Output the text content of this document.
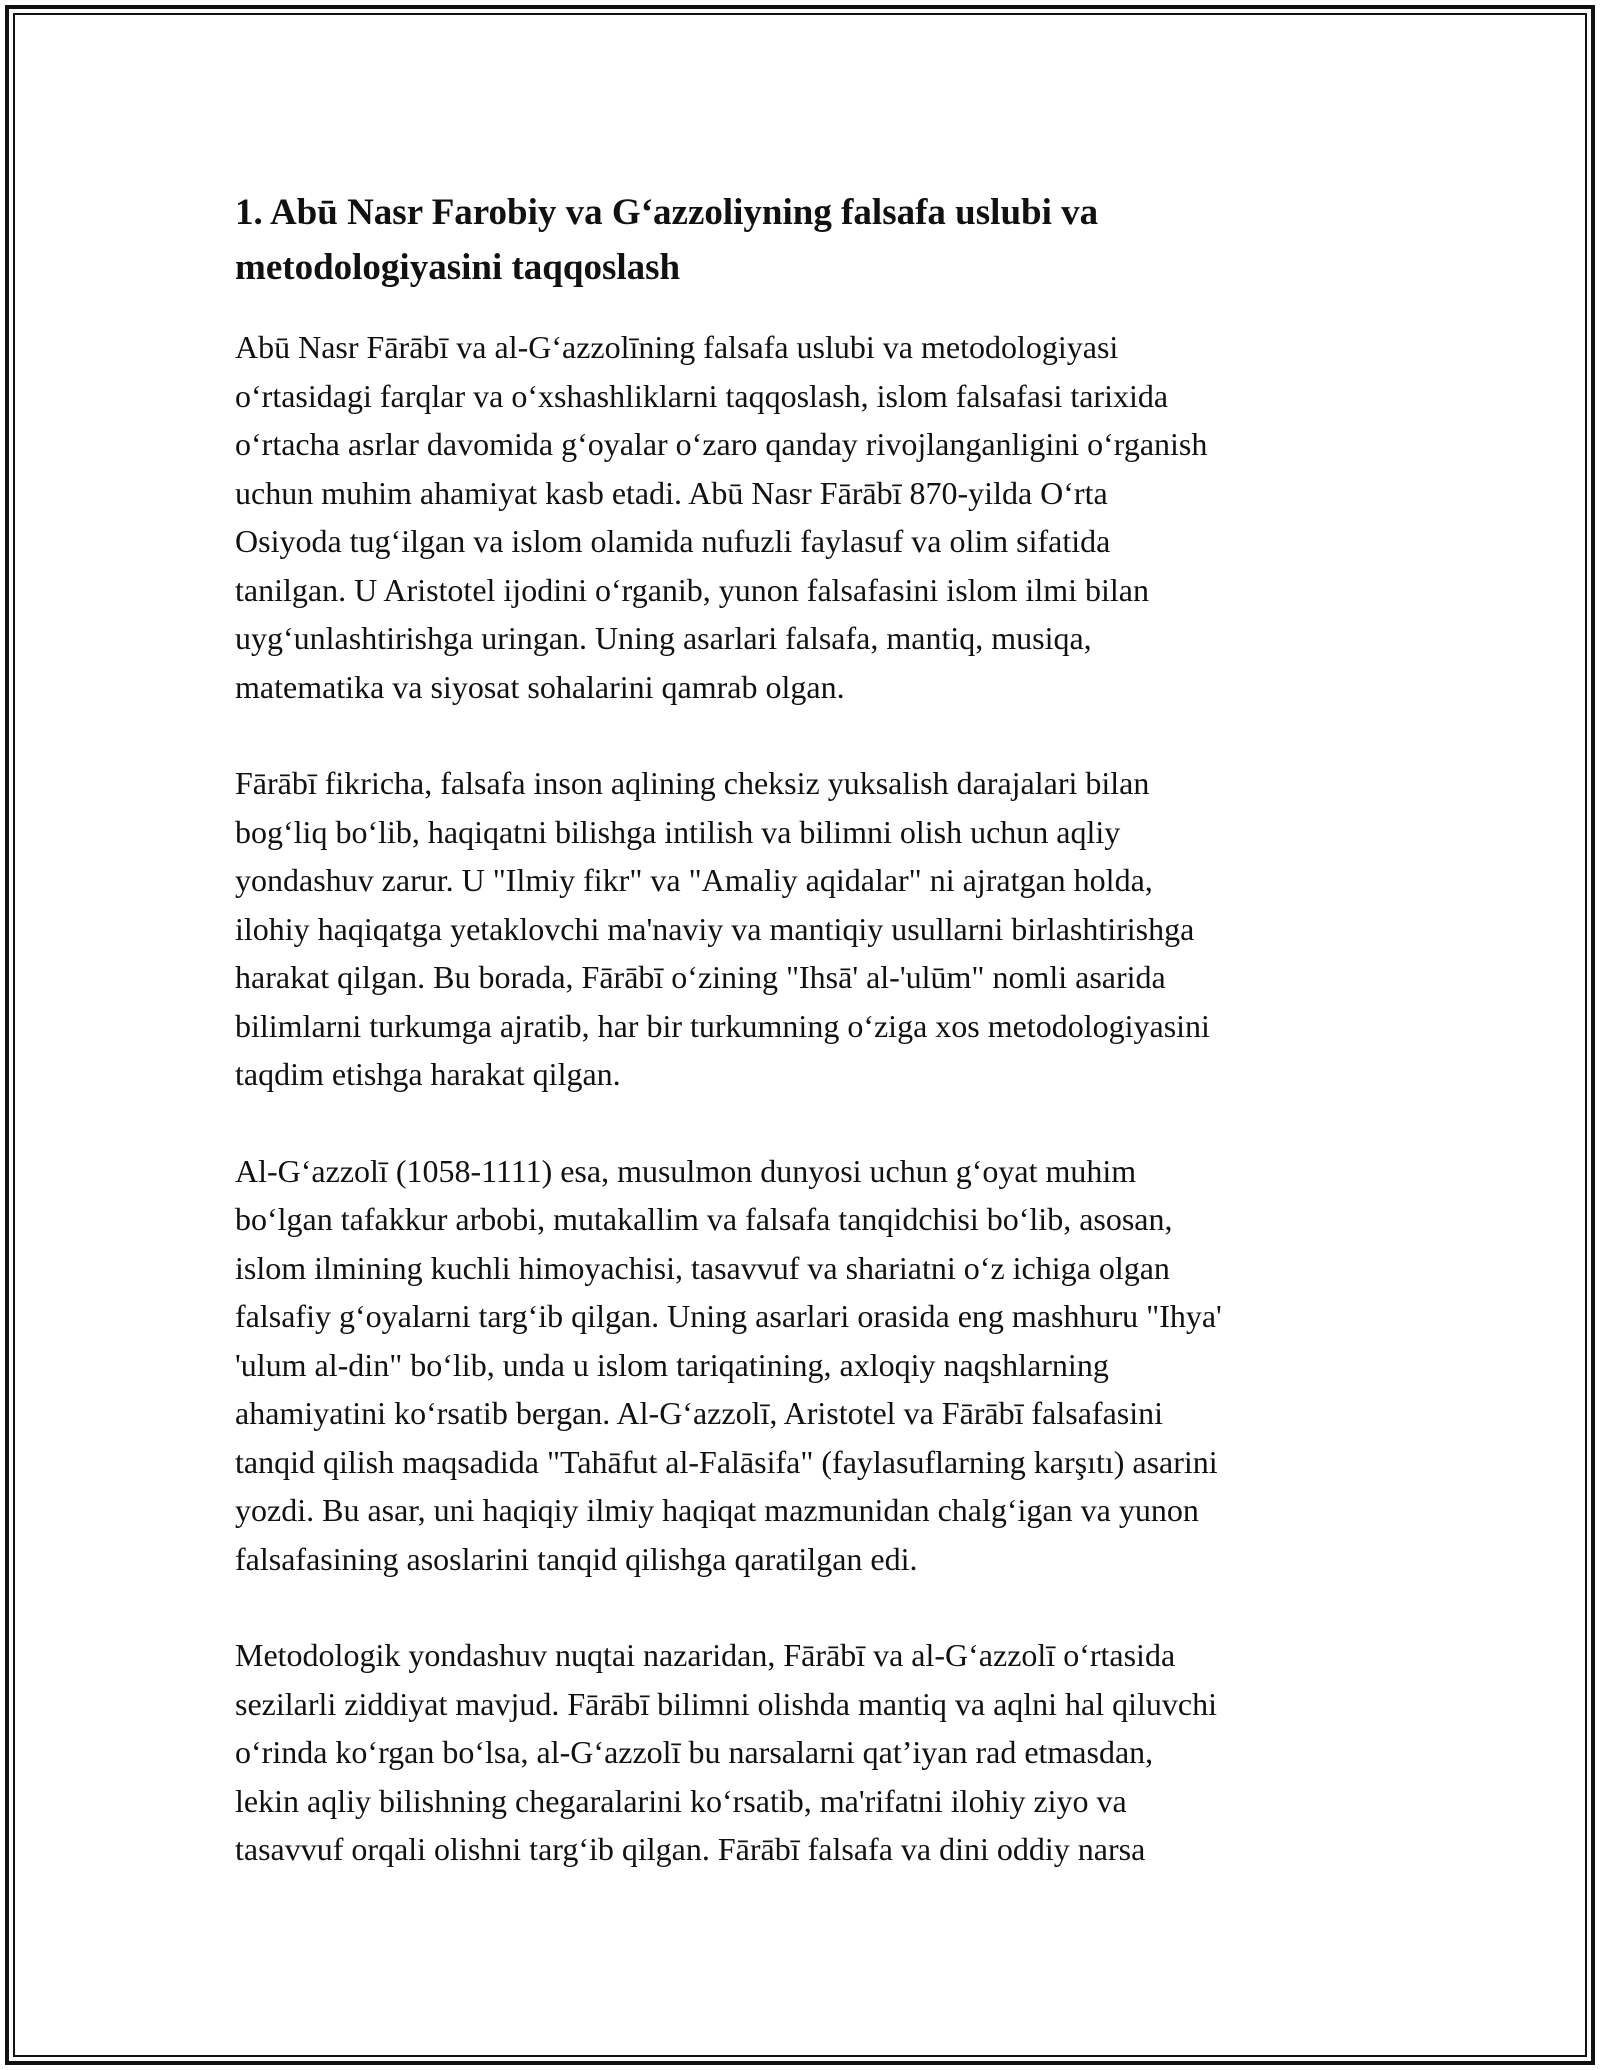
1. Abū Nasr Farobiy va G‘azzoliyning falsafa uslubi va
metodologiyasini taqqoslash

Abū Nasr Fārābī va al-G‘azzolīning falsafa uslubi va metodologiyasi
o‘rtasidagi farqlar va o‘xshashliklarni taqqoslash, islom falsafasi tarixida
o‘rtacha asrlar davomida g‘oyalar o‘zaro qanday rivojlanganligini o‘rganish
uchun muhim ahamiyat kasb etadi. Abū Nasr Fārābī 870-yilda O‘rta
Osiyoda tug‘ilgan va islom olamida nufuzli faylasuf va olim sifatida
tanilgan. U Aristotel ijodini o‘rganib, yunon falsafasini islom ilmi bilan
uyg‘unlashtirishga uringan. Uning asarlari falsafa, mantiq, musiqa,
matematika va siyosat sohalarini qamrab olgan.

Fārābī fikricha, falsafa inson aqlining cheksiz yuksalish darajalari bilan
bog‘liq bo‘lib, haqiqatni bilishga intilish va bilimni olish uchun aqliy
yondashuv zarur. U "Ilmiy fikr" va "Amaliy aqidalar" ni ajratgan holda,
ilohiy haqiqatga yetaklovchi ma'naviy va mantiqiy usullarni birlashtirishga
harakat qilgan. Bu borada, Fārābī o‘zining "Ihsā' al-'ulūm" nomli asarida
bilimlarni turkumga ajratib, har bir turkumning o‘ziga xos metodologiyasini
taqdim etishga harakat qilgan.

Al-G‘azzolī (1058-1111) esa, musulmon dunyosi uchun g‘oyat muhim
bo‘lgan tafakkur arbobi, mutakallim va falsafa tanqidchisi bo‘lib, asosan,
islom ilmining kuchli himoyachisi, tasavvuf va shariatni o‘z ichiga olgan
falsafiy g‘oyalarni targ‘ib qilgan. Uning asarlari orasida eng mashhuru "Ihya'
'ulum al-din" bo‘lib, unda u islom tariqatining, axloqiy naqshlarning
ahamiyatini ko‘rsatib bergan. Al-G‘azzolī, Aristotel va Fārābī falsafasini
tanqid qilish maqsadida "Tahāfut al-Falāsifa" (faylasuflarning karşıtı) asarini
yozdi. Bu asar, uni haqiqiy ilmiy haqiqat mazmunidan chalg‘igan va yunon
falsafasining asoslarini tanqid qilishga qaratilgan edi.

Metodologik yondashuv nuqtai nazaridan, Fārābī va al-G‘azzolī o‘rtasida
sezilarli ziddiyat mavjud. Fārābī bilimni olishda mantiq va aqlni hal qiluvchi
o‘rinda ko‘rgan bo‘lsa, al-G‘azzolī bu narsalarni qat’iyan rad etmasdan,
lekin aqliy bilishning chegaralarini ko‘rsatib, ma'rifatni ilohiy ziyo va
tasavvuf orqali olishni targ‘ib qilgan. Fārābī falsafa va dini oddiy narsa
